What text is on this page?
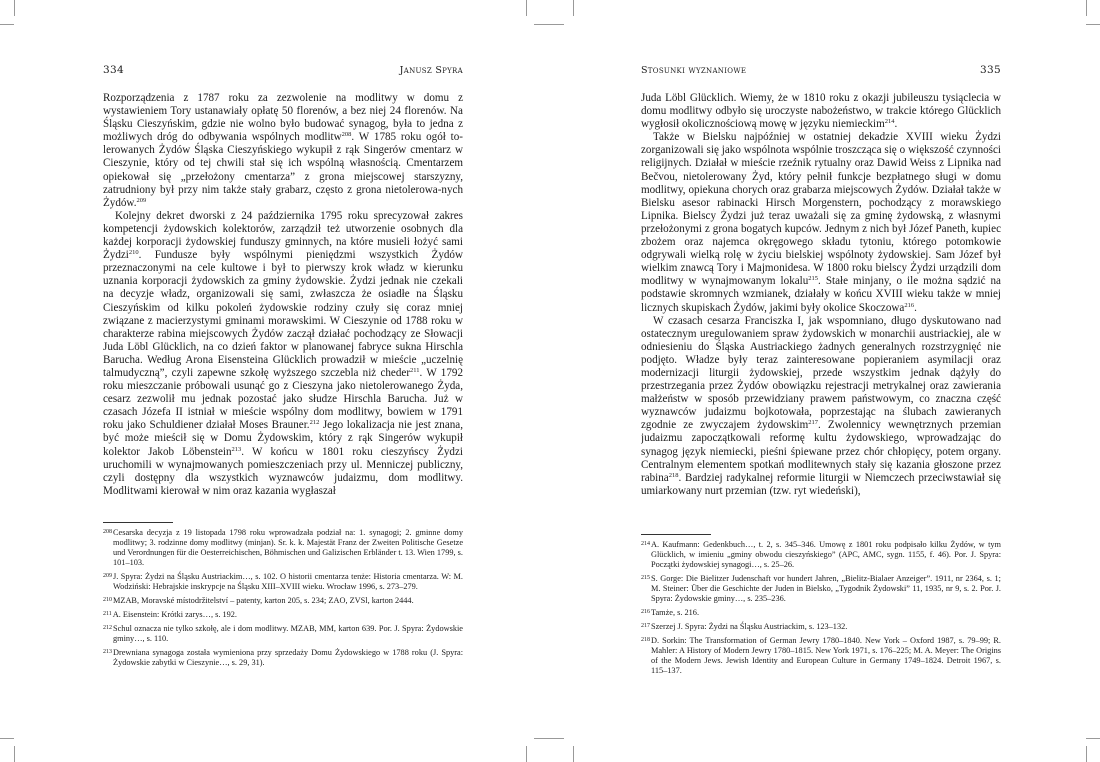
334	Janusz Spyra

Rozporządzenia z 1787 roku za zezwolenie na modlitwy w domu z wystawieniem Tory ustanawiały opłatę 50 florenów, a bez niej 24 florenów. Na Śląsku Cieszyńskim, gdzie nie wolno było budować synagog, była to jedna z możliwych dróg do odbywania wspólnych modlitw$^{208}$. W 1785 roku ogół to-lerowanych Żydów Śląska Cieszyńskiego wykupił z rąk Singerów cmentarz w Cieszynie, który od tej chwili stał się ich wspólną własnością. Cmentarzem opiekował się „przełożony cmentarza” z grona miejscowej starszyzny, zatrudniony był przy nim także stały grabarz, często z grona nietolerowa-nych Żydów.$^{209}$

Kolejny dekret dworski z 24 października 1795 roku sprecyzował zakres kompetencji żydowskich kolektorów, zarządził też utworzenie osobnych dla każdej korporacji żydowskiej funduszy gminnych, na które musieli łożyć sami Żydzi$^{210}$. Fundusze były wspólnymi pieniędzmi wszystkich Żydów przeznaczonymi na cele kultowe i był to pierwszy krok władz w kierunku uznania korporacji żydowskich za gminy żydowskie. Żydzi jednak nie czekali na decyzje władz, organizowali się sami, zwłaszcza że osiadłe na Śląsku Cieszyńskim od kilku pokoleń żydowskie rodziny czuły się coraz mniej związane z macierzystymi gminami morawskimi. W Cieszynie od 1788 roku w charakterze rabina miejscowych Żydów zaczął działać pochodzący ze Słowacji Juda Löbl Glücklich, na co dzień faktor w planowanej fabryce sukna Hirschla Barucha. Według Arona Eisensteina Glücklich prowadził w mieście „uczelnię talmudyczną”, czyli zapewne szkołę wyższego szczebla niż cheder$^{211}$. W 1792 roku mieszczanie próbowali usunąć go z Cieszyna jako nietolerowanego Żyda, cesarz zezwolił mu jednak pozostać jako słudze Hirschla Barucha. Już w czasach Józefa II istniał w mieście wspólny dom modlitwy, bowiem w 1791 roku jako Schuldiener działał Moses Brauner.$^{212}$ Jego lokalizacja nie jest znana, być może mieścił się w Domu Żydowskim, który z rąk Singerów wykupił kolektor Jakob Löbenstein$^{213}$. W końcu w 1801 roku cieszyńscy Żydzi uruchomili w wynajmowanych pomieszczeniach przy ul. Menniczej publiczny, czyli dostępny dla wszystkich wyznawców judaizmu, dom modlitwy. Modlitwami kierował w nim oraz kazania wygłaszał

$^{208}$Cesarska decyzja z 19 listopada 1798 roku wprowadzała podział na: 1. synagogi; 2. gminne domy modlitwy; 3. rodzinne domy modlitwy (minjan). Sr. k. k. Majestät Franz der Zweiten Politische Gesetze und Verordnungen für die Oesterreichischen, Böhmischen und Galizischen Erbländer t. 13. Wien 1799, s. 101–103.
$^{209}$J. Spyra: Żydzi na Śląsku Austriackim…, s. 102. O historii cmentarza tenże: Historia cmentarza. W: M. Wodziński: Hebrajskie inskrypcje na Śląsku XIII–XVIII wieku. Wrocław 1996, s. 273–279.
$^{210}$MZAB, Moravské místodržitelství – patenty, karton 205, s. 234; ZAO, ZVSl, karton 2444.
$^{211}$A. Eisenstein: Krótki zarys…, s. 192.
$^{212}$Schul oznacza nie tylko szkołę, ale i dom modlitwy. MZAB, MM, karton 639. Por. J. Spyra: Żydowskie gminy…, s. 110.
$^{213}$Drewniana synagoga została wymieniona przy sprzedaży Domu Żydowskiego w 1788 roku (J. Spyra: Żydowskie zabytki w Cieszynie…, s. 29, 31).
Stosunki wyznaniowe	335

Juda Löbl Glücklich. Wiemy, że w 1810 roku z okazji jubileuszu tysiąclecia w domu modlitwy odbyło się uroczyste nabożeństwo, w trakcie którego Glücklich wygłosił okolicznościową mowę w języku niemieckim$^{214}$.

Także w Bielsku najpóźniej w ostatniej dekadzie XVIII wieku Żydzi zorganizowali się jako wspólnota wspólnie troszcząca się o większość czynności religijnych. Działał w mieście rzeźnik rytualny oraz Dawid Weiss z Lipnika nad Bečvou, nietolerowany Żyd, który pełnił funkcje bezpłatnego sługi w domu modlitwy, opiekuna chorych oraz grabarza miejscowych Żydów. Działał także w Bielsku asesor rabinacki Hirsch Morgenstern, pochodzący z morawskiego Lipnika. Bielscy Żydzi już teraz uważali się za gminę żydowską, z własnymi przełożonymi z grona bogatych kupców. Jednym z nich był Józef Paneth, kupiec zbożem oraz najemca okręgowego składu tytoniu, którego potomkowie odgrywali wielką rolę w życiu bielskiej wspólnoty żydowskiej. Sam Józef był wielkim znawcą Tory i Majmonidesa. W 1800 roku bielscy Żydzi urządzili dom modlitwy w wynajmowanym lokalu$^{215}$. Stałe minjany, o ile można sądzić na podstawie skromnych wzmianek, działały w końcu XVIII wieku także w mniej licznych skupiskach Żydów, jakimi były okolice Skoczowa$^{216}$.

W czasach cesarza Franciszka I, jak wspomniano, długo dyskutowano nad ostatecznym uregulowaniem spraw żydowskich w monarchii austriackiej, ale w odniesieniu do Śląska Austriackiego żadnych generalnych rozstrzygnięć nie podjęto. Władze były teraz zainteresowane popieraniem asymilacji oraz modernizacji liturgii żydowskiej, przede wszystkim jednak dążyły do przestrzegania przez Żydów obowiązku rejestracji metrykalnej oraz zawierania małżeństw w sposób przewidziany prawem państwowym, co znaczna część wyznawców judaizmu bojkotowała, poprzestając na ślubach zawieranych zgodnie ze zwyczajem żydowskim$^{217}$. Zwolennicy wewnętrznych przemian judaizmu zapoczątkowali reformę kultu żydowskiego, wprowadzając do synagog język niemiecki, pieśni śpiewane przez chór chłopięcy, potem organy. Centralnym elementem spotkań modlitewnych stały się kazania głoszone przez rabina$^{218}$. Bardziej radykalnej reformie liturgii w Niemczech przeciwstawiał się umiarkowany nurt przemian (tzw. ryt wiedeński),

$^{214}$A. Kaufmann: Gedenkbuch…, t. 2, s. 345–346. Umowę z 1801 roku podpisało kilku Żydów, w tym Glücklich, w imieniu „gminy obwodu cieszyńskiego” (APC, AMC, sygn. 1155, f. 46). Por. J. Spyra: Początki żydowskiej synagogi…, s. 25–26.
$^{215}$S. Gorge: Die Bielitzer Judenschaft vor hundert Jahren, „Bielitz-Bialaer Anzeiger”. 1911, nr 2364, s. 1; M. Steiner: Über die Geschichte der Juden in Bielsko, „Tygodnik Żydowski” 11, 1935, nr 9, s. 2. Por. J. Spyra: Żydowskie gminy…, s. 235–236.
$^{216}$Tamże, s. 216.
$^{217}$Szerzej J. Spyra: Żydzi na Śląsku Austriackim, s. 123–132.
$^{218}$D. Sorkin: The Transformation of German Jewry 1780–1840. New York – Oxford 1987, s. 79–99; R. Mahler: A History of Modern Jewry 1780–1815. New York 1971, s. 176–225; M. A. Meyer: The Origins of the Modern Jews. Jewish Identity and European Culture in Germany 1749–1824. Detroit 1967, s. 115–137.
